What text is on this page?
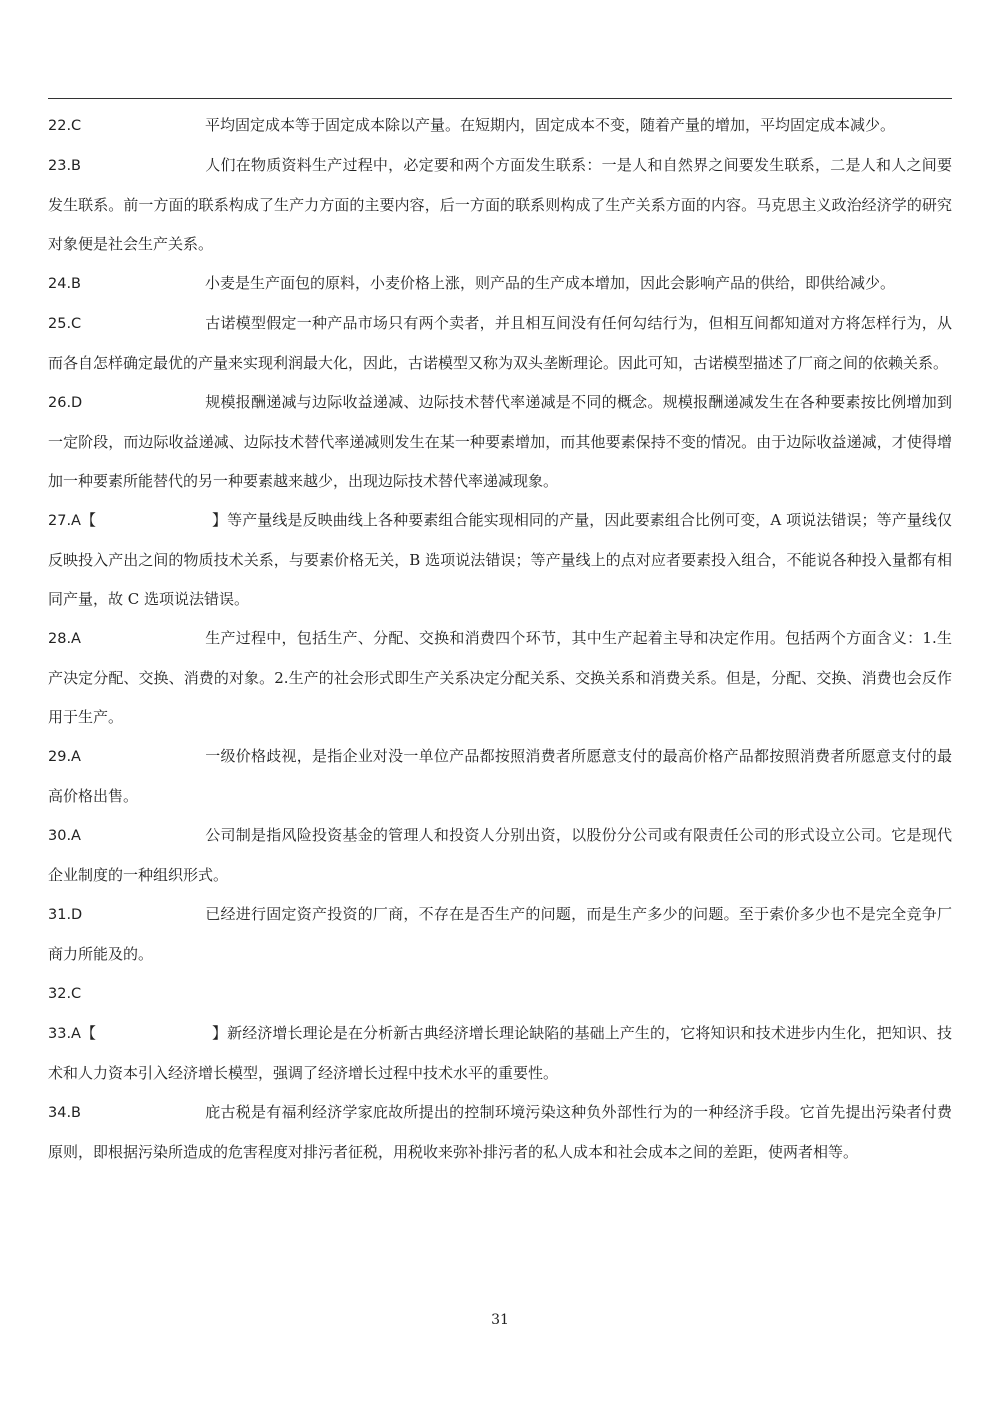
22.C	平均固定成本等于固定成本除以产量。在短期内，固定成本不变，随着产量的增加，平均固定成本减少。
23.B	人们在物质资料生产过程中，必定要和两个方面发生联系：一是人和自然界之间要发生联系，二是人和人之间要发生联系。前一方面的联系构成了生产力方面的主要内容，后一方面的联系则构成了生产关系方面的内容。马克思主义政治经济学的研究对象便是社会生产关系。
24.B	小麦是生产面包的原料，小麦价格上涨，则产品的生产成本增加，因此会影响产品的供给，即供给减少。
25.C	古诺模型假定一种产品市场只有两个卖者，并且相互间没有任何勾结行为，但相互间都知道对方将怎样行为，从而各自怎样确定最优的产量来实现利润最大化，因此，古诺模型又称为双头垄断理论。因此可知，古诺模型描述了厂商之间的依赖关系。
26.D	规模报酬递减与边际收益递减、边际技术替代率递减是不同的概念。规模报酬递减发生在各种要素按比例增加到一定阶段，而边际收益递减、边际技术替代率递减则发生在某一种要素增加，而其他要素保持不变的情况。由于边际收益递减，才使得增加一种要素所能替代的另一种要素越来越少，出现边际技术替代率递减现象。
27.A【	】等产量线是反映曲线上各种要素组合能实现相同的产量，因此要素组合比例可变，A 项说法错误；等产量线仅反映投入产出之间的物质技术关系，与要素价格无关，B 选项说法错误；等产量线上的点对应者要素投入组合，不能说各种投入量都有相同产量，故 C 选项说法错误。
28.A	生产过程中，包括生产、分配、交换和消费四个环节，其中生产起着主导和决定作用。包括两个方面含义：1.生产决定分配、交换、消费的对象。2.生产的社会形式即生产关系决定分配关系、交换关系和消费关系。但是，分配、交换、消费也会反作用于生产。
29.A	一级价格歧视，是指企业对没一单位产品都按照消费者所愿意支付的最高价格产品都按照消费者所愿意支付的最高价格出售。
30.A	公司制是指风险投资基金的管理人和投资人分别出资，以股份分公司或有限责任公司的形式设立公司。它是现代企业制度的一种组织形式。
31.D	已经进行固定资产投资的厂商，不存在是否生产的问题，而是生产多少的问题。至于索价多少也不是完全竞争厂商力所能及的。
32.C
33.A【	】新经济增长理论是在分析新古典经济增长理论缺陷的基础上产生的，它将知识和技术进步内生化，把知识、技术和人力资本引入经济增长模型，强调了经济增长过程中技术水平的重要性。
34.B	庇古税是有福利经济学家庇故所提出的控制环境污染这种负外部性行为的一种经济手段。它首先提出污染者付费原则，即根据污染所造成的危害程度对排污者征税，用税收来弥补排污者的私人成本和社会成本之间的差距，使两者相等。
31
